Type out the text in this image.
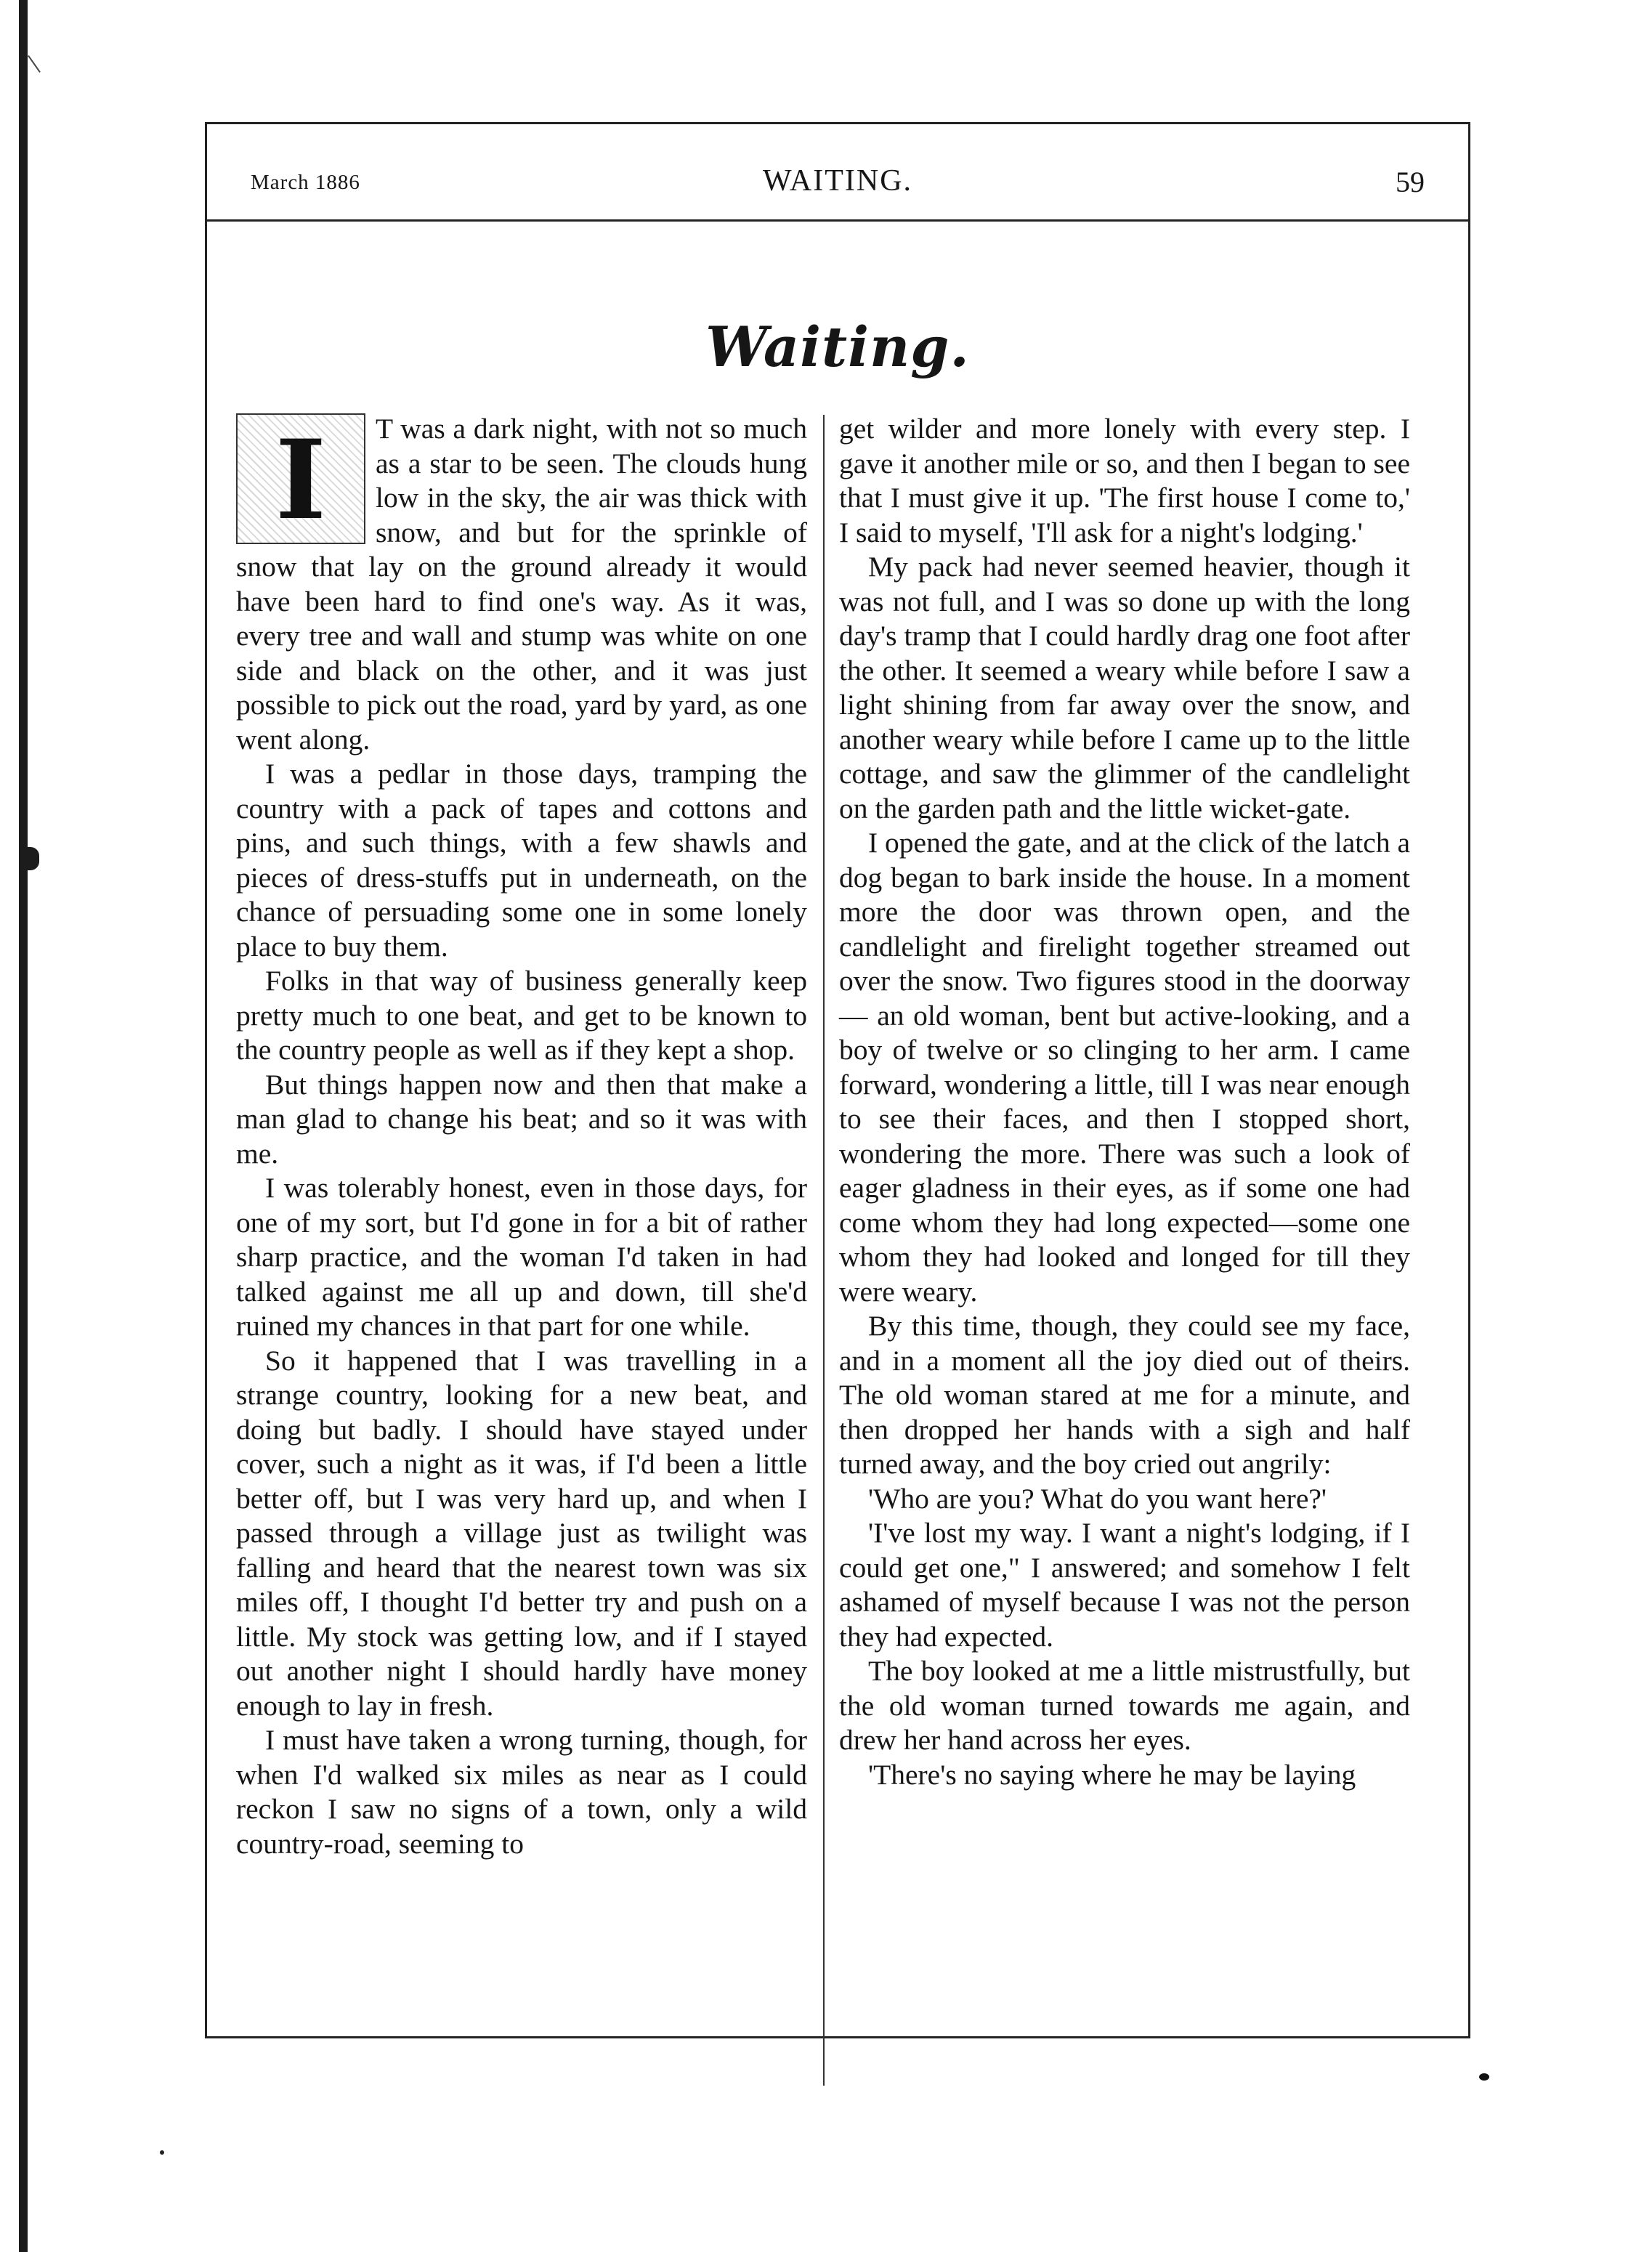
March 1886	WAITING.	59
Waiting.

I	T was a dark night, with not so much as a star to be seen. The clouds hung low in the sky, the air was thick with snow, and but for the sprinkle of snow that lay on the ground already it would have been hard to find one's way. As it was, every tree and wall and stump was white on one side and black on the other, and it was just possible to pick out the road, yard by yard, as one went along.

I was a pedlar in those days, tramping the country with a pack of tapes and cottons and pins, and such things, with a few shawls and pieces of dress-stuffs put in underneath, on the chance of persuading some one in some lonely place to buy them.

Folks in that way of business generally keep pretty much to one beat, and get to be known to the country people as well as if they kept a shop.

But things happen now and then that make a man glad to change his beat; and so it was with me.

I was tolerably honest, even in those days, for one of my sort, but I'd gone in for a bit of rather sharp practice, and the woman I'd taken in had talked against me all up and down, till she'd ruined my chances in that part for one while.

So it happened that I was travelling in a strange country, looking for a new beat, and doing but badly. I should have stayed under cover, such a night as it was, if I'd been a little better off, but I was very hard up, and when I passed through a village just as twilight was falling and heard that the nearest town was six miles off, I thought I'd better try and push on a little. My stock was getting low, and if I stayed out another night I should hardly have money enough to lay in fresh.

I must have taken a wrong turning, though, for when I'd walked six miles as near as I could reckon I saw no signs of a town, only a wild country-road, seeming to

get wilder and more lonely with every step. I gave it another mile or so, and then I began to see that I must give it up. 'The first house I come to,' I said to myself, 'I'll ask for a night's lodging.'

My pack had never seemed heavier, though it was not full, and I was so done up with the long day's tramp that I could hardly drag one foot after the other. It seemed a weary while before I saw a light shining from far away over the snow, and another weary while before I came up to the little cottage, and saw the glimmer of the candlelight on the garden path and the little wicket-gate.

I opened the gate, and at the click of the latch a dog began to bark inside the house. In a moment more the door was thrown open, and the candlelight and firelight together streamed out over the snow. Two figures stood in the doorway — an old woman, bent but active-looking, and a boy of twelve or so clinging to her arm. I came forward, wondering a little, till I was near enough to see their faces, and then I stopped short, wondering the more. There was such a look of eager gladness in their eyes, as if some one had come whom they had long expected—some one whom they had looked and longed for till they were weary.

By this time, though, they could see my face, and in a moment all the joy died out of theirs. The old woman stared at me for a minute, and then dropped her hands with a sigh and half turned away, and the boy cried out angrily:

'Who are you? What do you want here?'

'I've lost my way. I want a night's lodging, if I could get one," I answered; and somehow I felt ashamed of myself because I was not the person they had expected.

The boy looked at me a little mistrustfully, but the old woman turned towards me again, and drew her hand across her eyes.

'There's no saying where he may be laying
